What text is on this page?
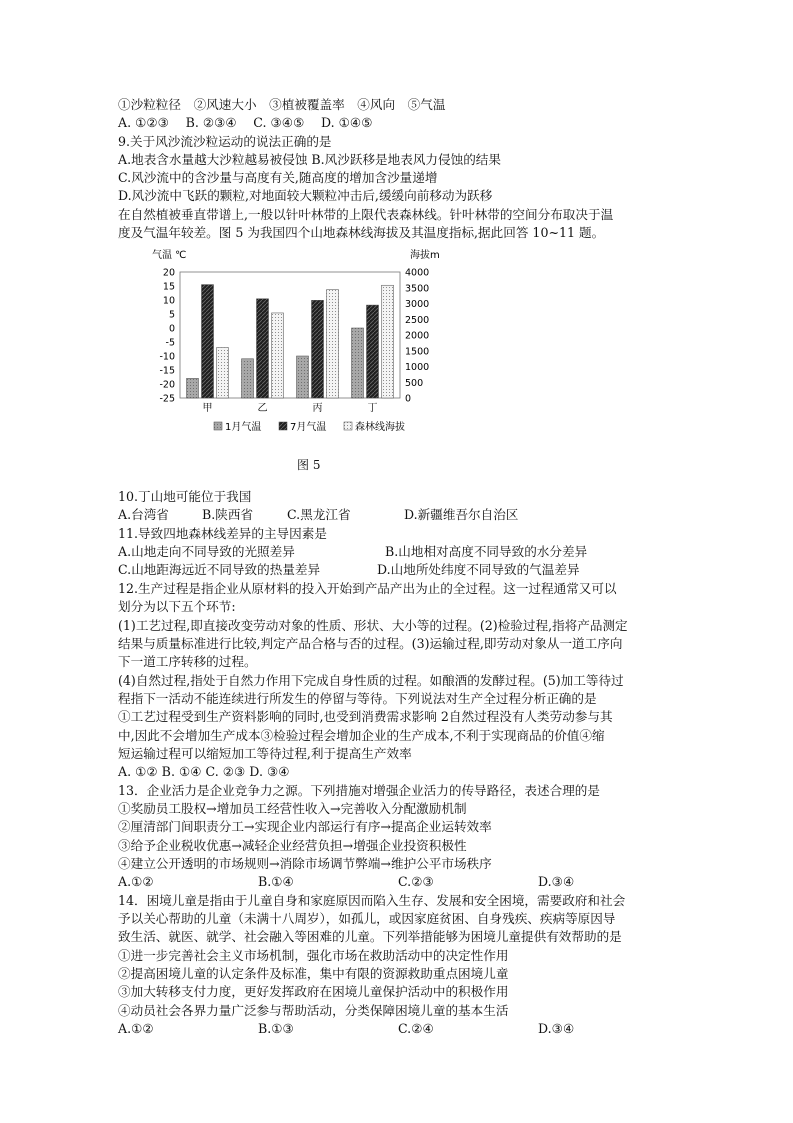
①沙粒粒径　②风速大小　③植被覆盖率　④风向　⑤气温
A. ①②③　 B. ②③④　 C. ③④⑤　 D. ①④⑤
9.关于风沙流沙粒运动的说法正确的是
A.地表含水量越大沙粒越易被侵蚀 B.风沙跃移是地表风力侵蚀的结果
C.风沙流中的含沙量与高度有关,随高度的增加含沙量递增
D.风沙流中飞跃的颗粒,对地面较大颗粒冲击后,缓缓向前移动为跃移
在自然植被垂直带谱上,一般以针叶林带的上限代表森林线。针叶林带的空间分布取决于温
度及气温年较差。图 5 为我国四个山地森林线海拔及其温度指标,据此回答 10~11 题。
气温 ℃	海拔m
20
15
10
5
0
-5
-10
-15
-20
-25
4000
3500
3000
2500
2000
1500
1000
500
0
甲	乙	丙	丁
1月气温	7月气温	森林线海拔
图 5
10.丁山地可能位于我国
A.台湾省	B.陕西省	C.黑龙江省	D.新疆维吾尔自治区
11.导致四地森林线差异的主导因素是
A.山地走向不同导致的光照差异	B.山地相对高度不同导致的水分差异
C.山地距海远近不同导致的热量差异	D.山地所处纬度不同导致的气温差异
12.生产过程是指企业从原材料的投入开始到产品产出为止的全过程。这一过程通常又可以
划分为以下五个环节:
(1)工艺过程,即直接改变劳动对象的性质、形状、大小等的过程。(2)检验过程,指将产品测定
结果与质量标准进行比较,判定产品合格与否的过程。(3)运输过程,即劳动对象从一道工序向
下一道工序转移的过程。
(4)自然过程,指处于自然力作用下完成自身性质的过程。如酿酒的发酵过程。(5)加工等待过
程指下一活动不能连续进行所发生的停留与等待。下列说法对生产全过程分析正确的是
①工艺过程受到生产资料影响的同时,也受到消费需求影响 2自然过程没有人类劳动参与其
中,因此不会增加生产成本③检验过程会增加企业的生产成本,不利于实现商品的价值④缩
短运输过程可以缩短加工等待过程,利于提高生产效率
A. ①② B. ①④ C. ②③ D. ③④
13．企业活力是企业竞争力之源。下列措施对增强企业活力的传导路径，表述合理的是
①奖励员工股权→增加员工经营性收入→完善收入分配激励机制
②厘清部门间职责分工→实现企业内部运行有序→提高企业运转效率
③给予企业税收优惠→减轻企业经营负担→增强企业投资积极性
④建立公开透明的市场规则→消除市场调节弊端→维护公平市场秩序
A.①②	B.①④	C.②③	D.③④
14．困境儿童是指由于儿童自身和家庭原因而陷入生存、发展和安全困境，需要政府和社会
予以关心帮助的儿童（未满十八周岁），如孤儿，或因家庭贫困、自身残疾、疾病等原因导
致生活、就医、就学、社会融入等困难的儿童。下列举措能够为困境儿童提供有效帮助的是
①进一步完善社会主义市场机制，强化市场在救助活动中的决定性作用
②提高困境儿童的认定条件及标准，集中有限的资源救助重点困境儿童
③加大转移支付力度，更好发挥政府在困境儿童保护活动中的积极作用
④动员社会各界力量广泛参与帮助活动，分类保障困境儿童的基本生活
A.①②	B.①③	C.②④	D.③④
